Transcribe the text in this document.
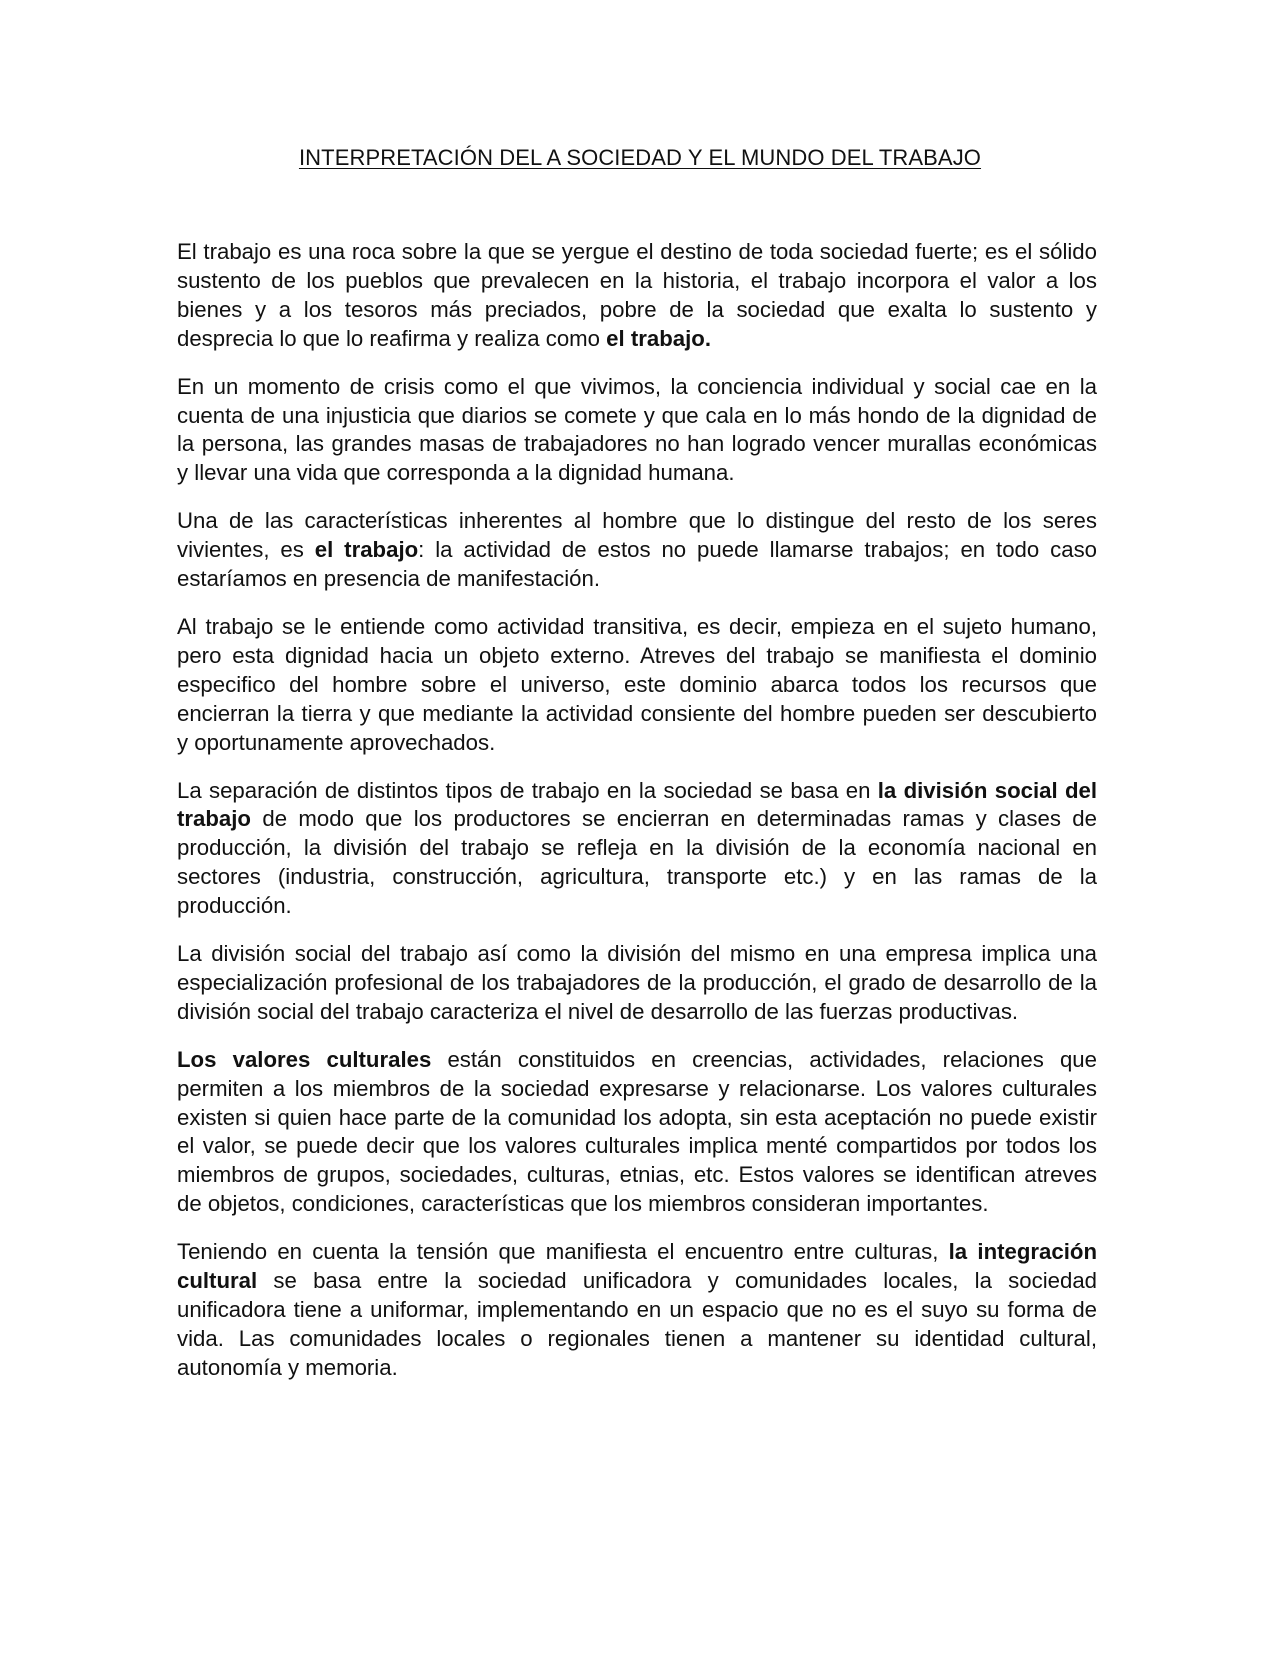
INTERPRETACIÓN DEL A SOCIEDAD Y EL MUNDO DEL TRABAJO

El trabajo es una roca sobre la que se yergue el destino de toda sociedad fuerte; es el sólido sustento de los pueblos que prevalecen en la historia, el trabajo incorpora el valor a los bienes y a los tesoros más preciados, pobre de la sociedad que exalta lo sustento y desprecia lo que lo reafirma y realiza como el trabajo.

En un momento de crisis como el que vivimos, la conciencia individual y social cae en la cuenta de una injusticia que diarios se comete y que cala en lo más hondo de la dignidad de la persona, las grandes masas de trabajadores no han logrado vencer murallas económicas y llevar una vida que corresponda a la dignidad humana.

Una de las características inherentes al hombre que lo distingue del resto de los seres vivientes, es el trabajo: la actividad de estos no puede llamarse trabajos; en todo caso estaríamos en presencia de manifestación.

Al trabajo se le entiende como actividad transitiva, es decir, empieza en el sujeto humano, pero esta dignidad hacia un objeto externo. Atreves del trabajo se manifiesta el dominio especifico del hombre sobre el universo, este dominio abarca todos los recursos que encierran la tierra y que mediante la actividad consiente del hombre pueden ser descubierto y oportunamente aprovechados.

La separación de distintos tipos de trabajo en la sociedad se basa en la división social del trabajo de modo que los productores se encierran en determinadas ramas y clases de producción, la división del trabajo se refleja en la división de la economía nacional en sectores (industria, construcción, agricultura, transporte etc.) y en las ramas de la producción.

La división social del trabajo así como la división del mismo en una empresa implica una especialización profesional de los trabajadores de la producción, el grado de desarrollo de la división social del trabajo caracteriza el nivel de desarrollo de las fuerzas productivas.

Los valores culturales están constituidos en creencias, actividades, relaciones que permiten a los miembros de la sociedad expresarse y relacionarse. Los valores culturales existen si quien hace parte de la comunidad los adopta, sin esta aceptación no puede existir el valor, se puede decir que los valores culturales implica menté compartidos por todos los miembros de grupos, sociedades, culturas, etnias, etc. Estos valores se identifican atreves de objetos, condiciones, características que los miembros consideran importantes.

Teniendo en cuenta la tensión que manifiesta el encuentro entre culturas, la integración cultural se basa entre la sociedad unificadora y comunidades locales, la sociedad unificadora tiene a uniformar, implementando en un espacio que no es el suyo su forma de vida. Las comunidades locales o regionales tienen a mantener su identidad cultural, autonomía y memoria.
